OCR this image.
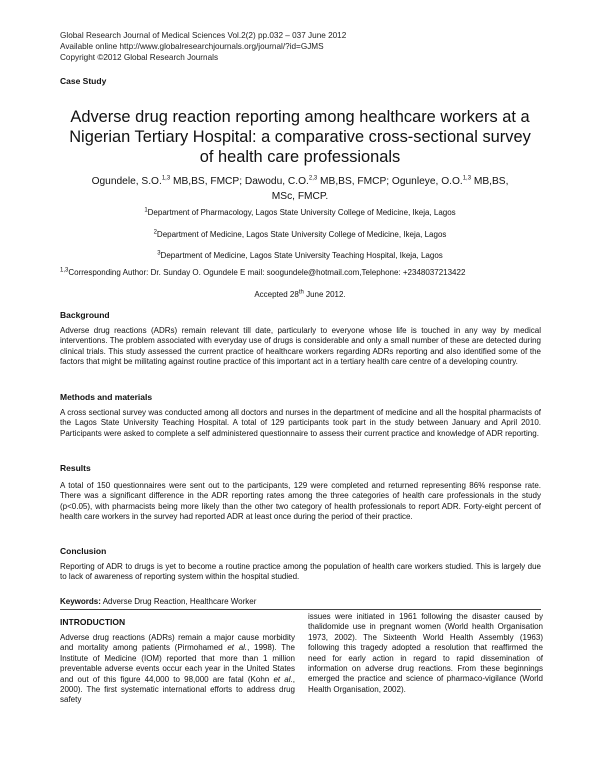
Global Research Journal of Medical Sciences Vol.2(2) pp.032 – 037 June 2012
Available online http://www.globalresearchjournals.org/journal/?id=GJMS
Copyright ©2012 Global Research Journals
Case Study
Adverse drug reaction reporting among healthcare workers at a
Nigerian Tertiary Hospital: a comparative cross-sectional survey
of health care professionals
Ogundele, S.O.$^{1,3}$ MB,BS, FMCP; Dawodu, C.O.$^{2,3}$ MB,BS, FMCP; Ogunleye, O.O.$^{1,3}$ MB,BS,
MSc, FMCP.
$^1$Department of Pharmacology, Lagos State University College of Medicine, Ikeja, Lagos
$^2$Department of Medicine, Lagos State University College of Medicine, Ikeja, Lagos
$^3$Department of Medicine, Lagos State University Teaching Hospital, Ikeja, Lagos
$^{1,3}$Corresponding Author: Dr. Sunday O. Ogundele E mail: soogundele@hotmail.com,Telephone: +2348037213422
Accepted 28th June 2012.
Background
Adverse drug reactions (ADRs) remain relevant till date, particularly to everyone whose life is touched in any way by medical interventions. The problem associated with everyday use of drugs is considerable and only a small number of these are detected during clinical trials. This study assessed the current practice of healthcare workers regarding ADRs reporting and also identified some of the factors that might be militating against routine practice of this important act in a tertiary health care centre of a developing country.
Methods and materials
A cross sectional survey was conducted among all doctors and nurses in the department of medicine and all the hospital pharmacists of the Lagos State University Teaching Hospital. A total of 129 participants took part in the study between January and April 2010. Participants were asked to complete a self administered questionnaire to assess their current practice and knowledge of ADR reporting.
Results
A total of 150 questionnaires were sent out to the participants, 129 were completed and returned representing 86% response rate. There was a significant difference in the ADR reporting rates among the three categories of health care professionals in the study (p<0.05), with pharmacists being more likely than the other two category of health professionals to report ADR. Forty-eight percent of health care workers in the survey had reported ADR at least once during the period of their practice.
Conclusion
Reporting of ADR to drugs is yet to become a routine practice among the population of health care workers studied. This is largely due to lack of awareness of reporting system within the hospital studied.
Keywords: Adverse Drug Reaction, Healthcare Worker
INTRODUCTION
Adverse drug reactions (ADRs) remain a major cause morbidity and mortality among patients (Pirmohamed et al., 1998). The Institute of Medicine (IOM) reported that more than 1 million preventable adverse events occur each year in the United States and out of this figure 44,000 to 98,000 are fatal (Kohn et al., 2000). The first systematic international efforts to address drug safety
issues were initiated in 1961 following the disaster caused by thalidomide use in pregnant women (World health Organisation 1973, 2002). The Sixteenth World Health Assembly (1963) following this tragedy adopted a resolution that reaffirmed the need for early action in regard to rapid dissemination of information on adverse drug reactions. From these beginnings emerged the practice and science of pharmaco-vigilance (World Health Organisation, 2002).
